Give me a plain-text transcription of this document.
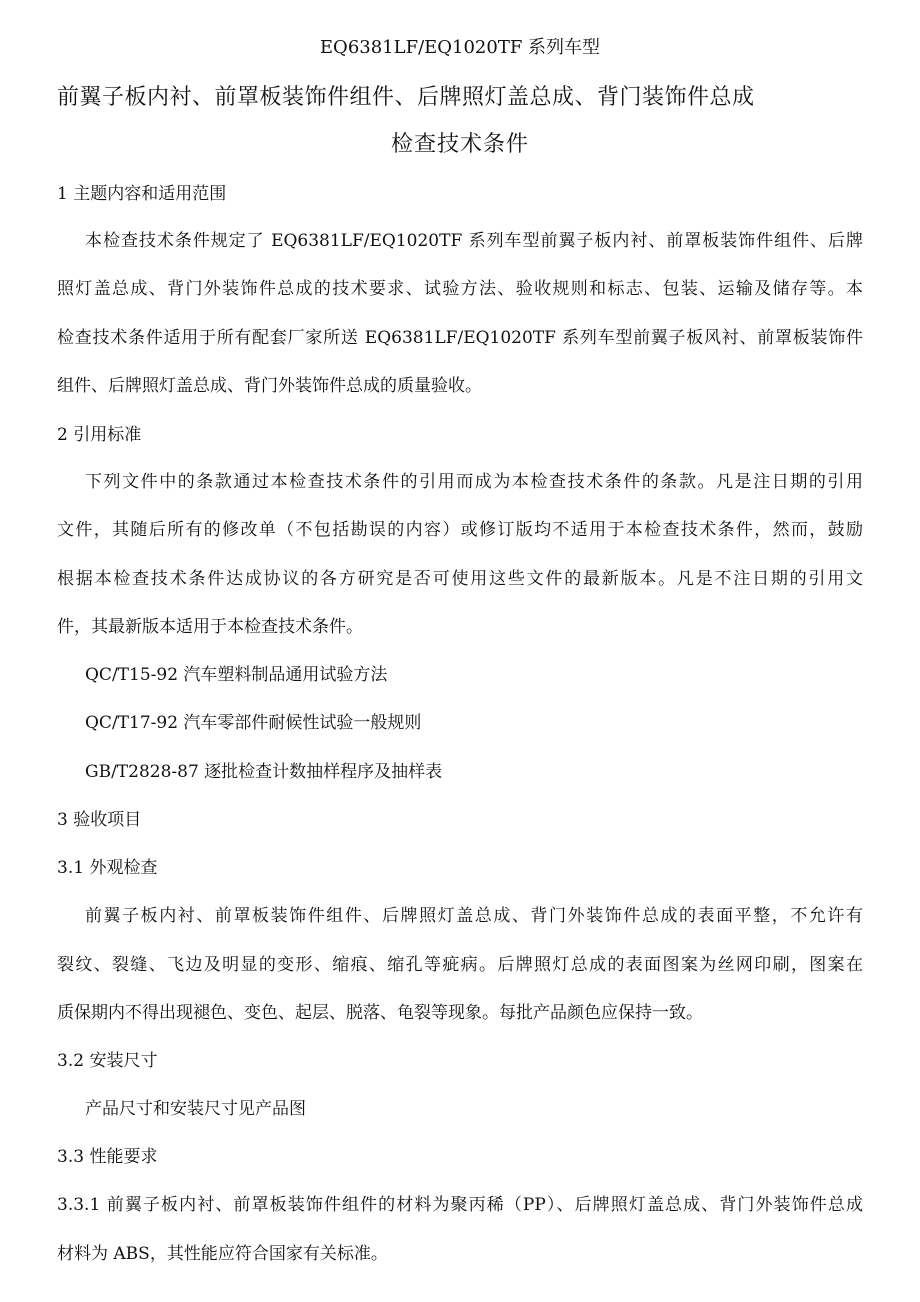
EQ6381LF/EQ1020TF 系列车型
前翼子板内衬、前罩板装饰件组件、后牌照灯盖总成、背门装饰件总成
检查技术条件
1 主题内容和适用范围
本检查技术条件规定了 EQ6381LF/EQ1020TF 系列车型前翼子板内衬、前罩板装饰件组件、后牌
照灯盖总成、背门外装饰件总成的技术要求、试验方法、验收规则和标志、包装、运输及储存等。本
检查技术条件适用于所有配套厂家所送 EQ6381LF/EQ1020TF 系列车型前翼子板风衬、前罩板装饰件
组件、后牌照灯盖总成、背门外装饰件总成的质量验收。
2 引用标准
下列文件中的条款通过本检查技术条件的引用而成为本检查技术条件的条款。凡是注日期的引用
文件，其随后所有的修改单（不包括勘误的内容）或修订版均不适用于本检查技术条件，然而，鼓励
根据本检查技术条件达成协议的各方研究是否可使用这些文件的最新版本。凡是不注日期的引用文
件，其最新版本适用于本检查技术条件。
QC/T15-92 汽车塑料制品通用试验方法
QC/T17-92 汽车零部件耐候性试验一般规则
GB/T2828-87 逐批检查计数抽样程序及抽样表
3 验收项目
3.1 外观检查
前翼子板内衬、前罩板装饰件组件、后牌照灯盖总成、背门外装饰件总成的表面平整，不允许有
裂纹、裂缝、飞边及明显的变形、缩痕、缩孔等疵病。后牌照灯总成的表面图案为丝网印刷，图案在
质保期内不得出现褪色、变色、起层、脱落、龟裂等现象。每批产品颜色应保持一致。
3.2 安装尺寸
产品尺寸和安装尺寸见产品图
3.3 性能要求
3.3.1 前翼子板内衬、前罩板装饰件组件的材料为聚丙稀（PP）、后牌照灯盖总成、背门外装饰件总成
材料为 ABS，其性能应符合国家有关标准。
